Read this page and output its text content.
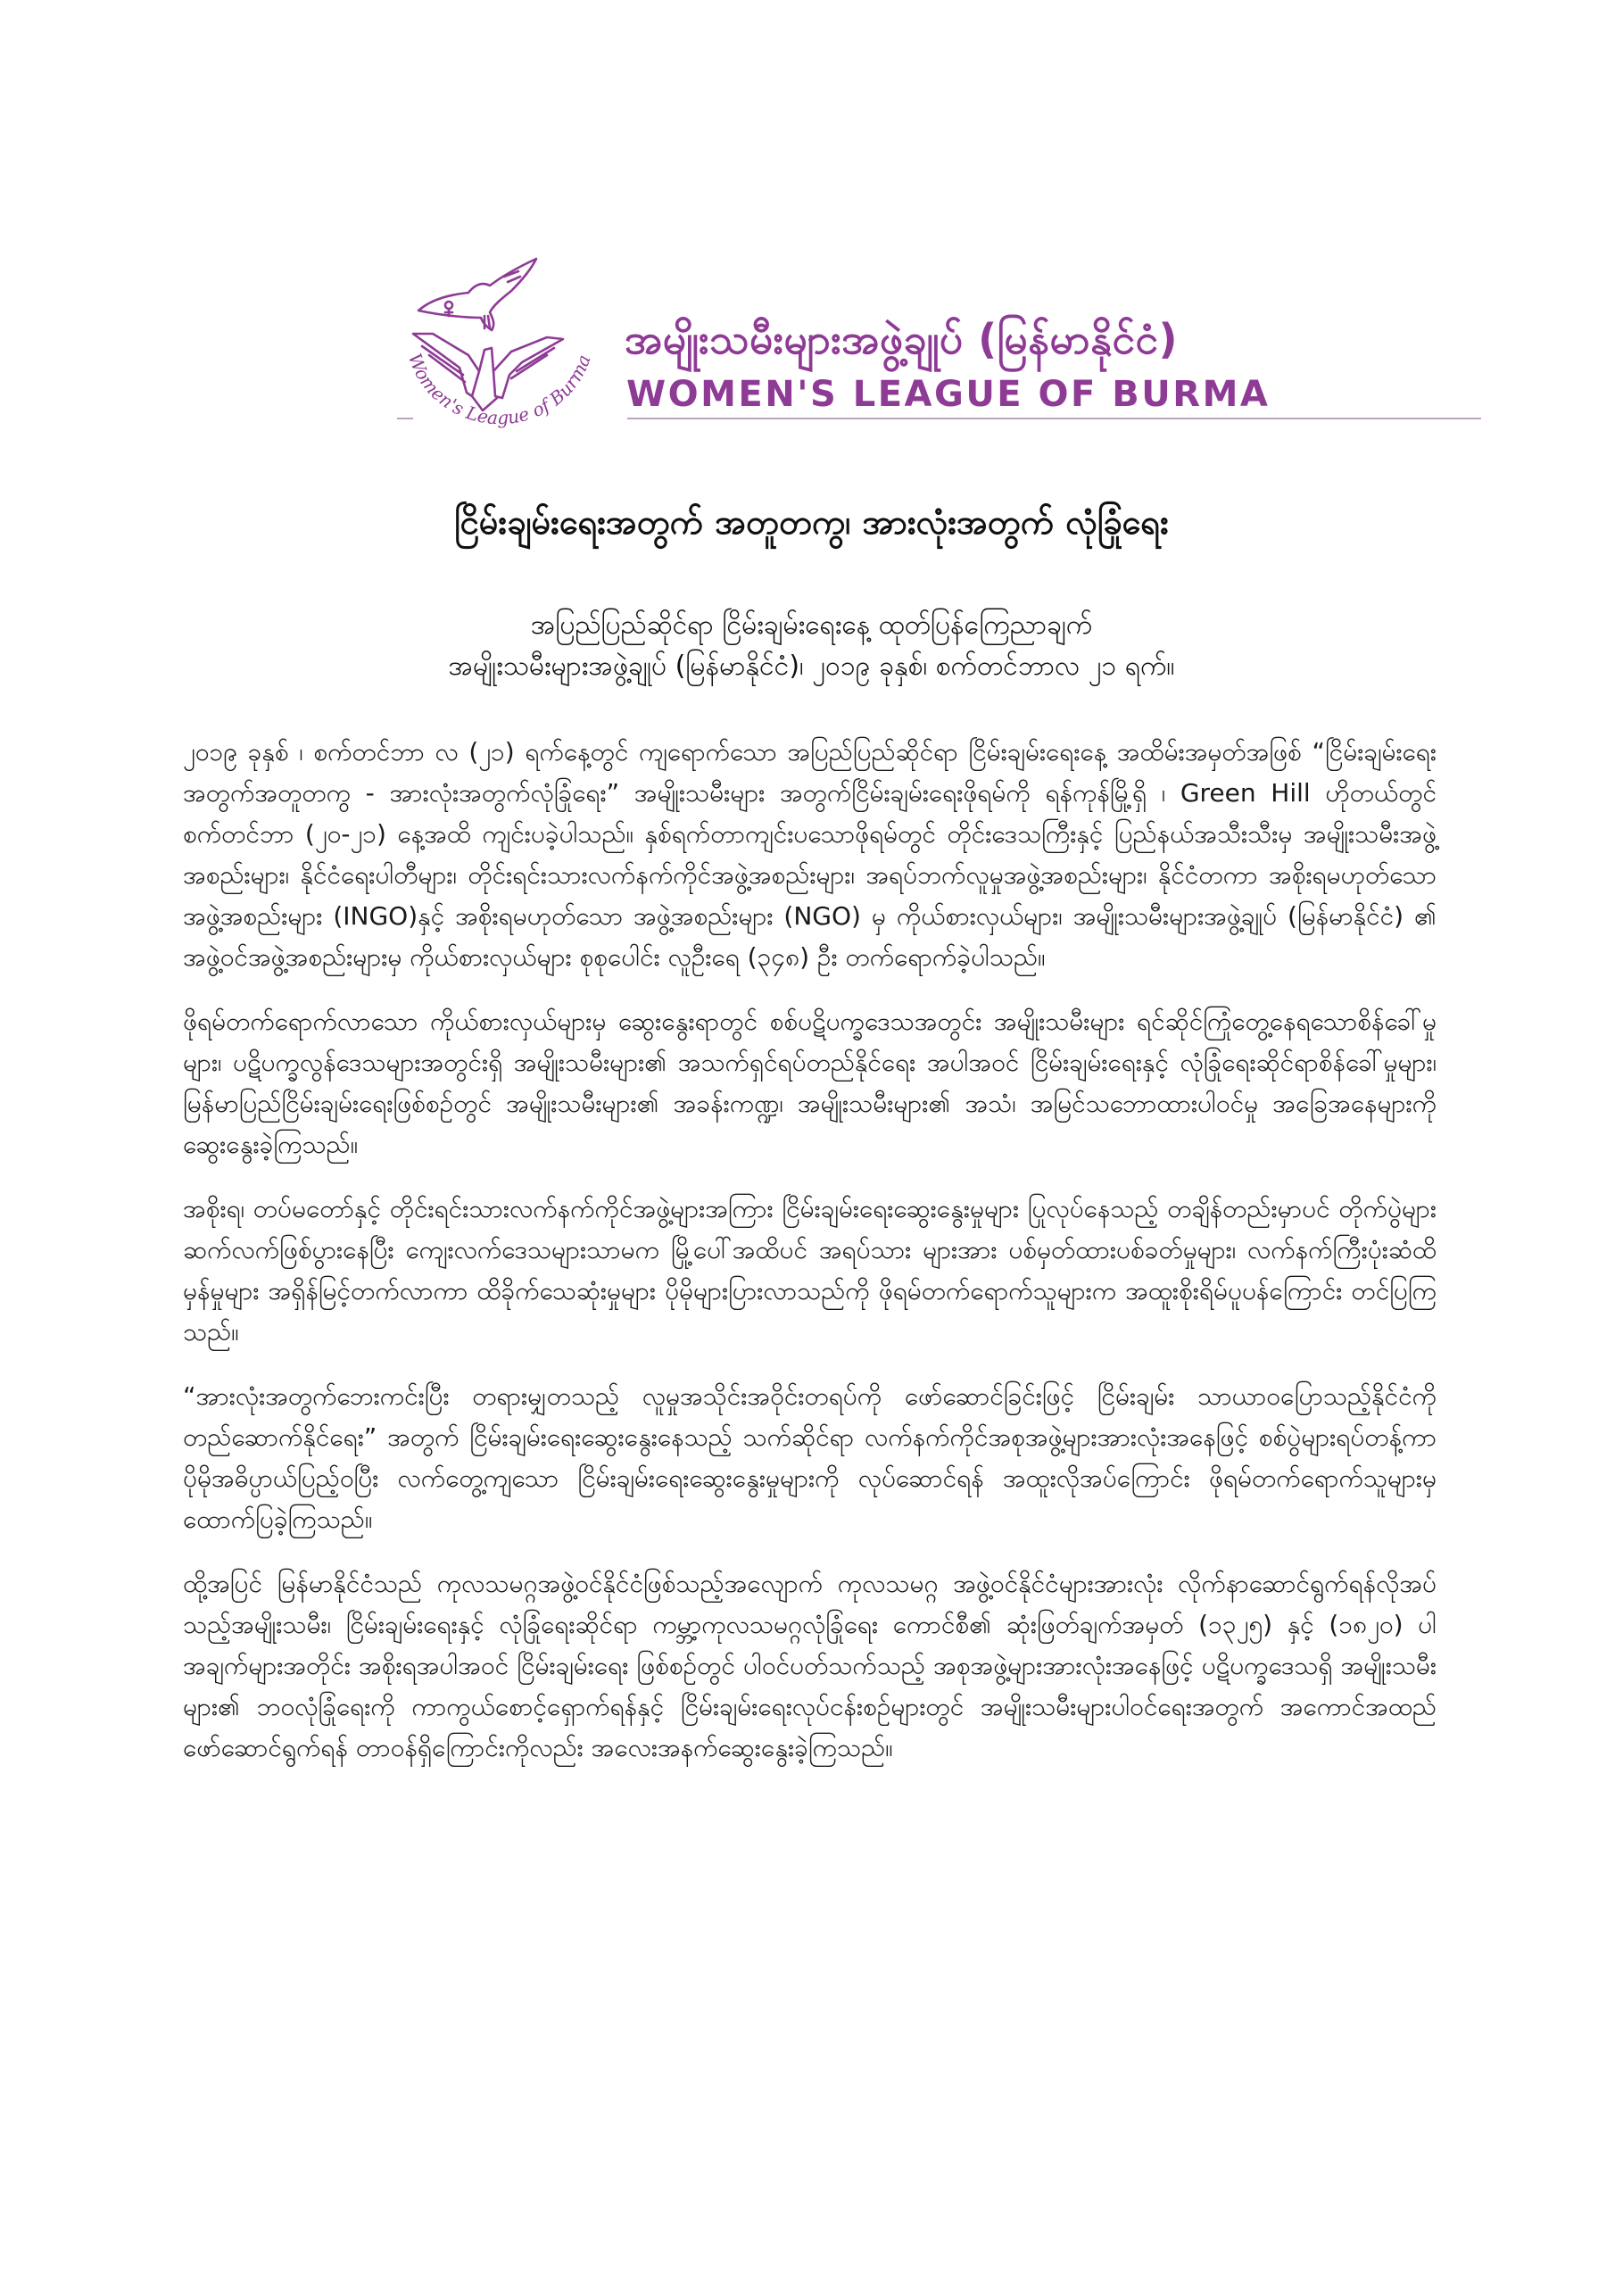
Women's League of Burma အမျိုးသမီးများအဖွဲ့ချုပ် (မြန်မာနိုင်ငံ)
WOMEN'S LEAGUE OF BURMA
ငြိမ်းချမ်းရေးအတွက် အတူတကွ၊ အားလုံးအတွက် လုံခြုံရေး
အပြည်ပြည်ဆိုင်ရာ ငြိမ်းချမ်းရေးနေ့ ထုတ်ပြန်ကြေညာချက်
အမျိုးသမီးများအဖွဲ့ချုပ် (မြန်မာနိုင်ငံ)၊ ၂၀၁၉ ခုနှစ်၊ စက်တင်ဘာလ ၂၁ ရက်။

၂၀၁၉ ခုနှစ် ၊ စက်တင်ဘာ လ (၂၁) ရက်နေ့တွင် ကျရောက်သော အပြည်ပြည်ဆိုင်ရာ ငြိမ်းချမ်းရေးနေ့ အထိမ်းအမှတ်အဖြစ် “ငြိမ်းချမ်းရေးအတွက်အတူတကွ - အားလုံးအတွက်လုံခြုံရေး” အမျိုးသမီးများ အတွက်ငြိမ်းချမ်းရေးဖိုရမ်ကို ရန်ကုန်မြို့ရှိ ၊ Green Hill ဟိုတယ်တွင် စက်တင်ဘာ (၂၀-၂၁) နေ့အထိ ကျင်းပခဲ့ပါသည်။ နှစ်ရက်တာကျင်းပသောဖိုရမ်တွင် တိုင်းဒေသကြီးနှင့် ပြည်နယ်အသီးသီးမှ အမျိုးသမီးအဖွဲ့အစည်းများ၊ နိုင်ငံရေးပါတီများ၊ တိုင်းရင်းသားလက်နက်ကိုင်အဖွဲ့အစည်းများ၊ အရပ်ဘက်လူမှုအဖွဲ့အစည်းများ၊ နိုင်ငံတကာ အစိုးရမဟုတ်သော အဖွဲ့အစည်းများ (INGO)နှင့် အစိုးရမဟုတ်သော အဖွဲ့အစည်းများ (NGO) မှ ကိုယ်စားလှယ်များ၊ အမျိုးသမီးများအဖွဲ့ချုပ် (မြန်မာနိုင်ငံ) ၏ အဖွဲ့ဝင်အဖွဲ့အစည်းများမှ ကိုယ်စားလှယ်များ စုစုပေါင်း လူဦးရေ (၃၄၈) ဦး တက်ရောက်ခဲ့ပါသည်။

ဖိုရမ်တက်ရောက်လာသော ကိုယ်စားလှယ်များမှ ဆွေးနွေးရာတွင် စစ်ပဋိပက္ခဒေသအတွင်း အမျိုးသမီးများ ရင်ဆိုင်ကြုံတွေ့နေရသောစိန်ခေါ်မှုများ၊ ပဋိပက္ခလွန်ဒေသများအတွင်းရှိ အမျိုးသမီးများ၏ အသက်ရှင်ရပ်တည်နိုင်ရေး အပါအဝင် ငြိမ်းချမ်းရေးနှင့် လုံခြုံရေးဆိုင်ရာစိန်ခေါ်မှုများ၊ မြန်မာပြည်ငြိမ်းချမ်းရေးဖြစ်စဉ်တွင် အမျိုးသမီးများ၏ အခန်းကဏ္ဍ၊ အမျိုးသမီးများ၏ အသံ၊ အမြင်သဘောထားပါဝင်မှု အခြေအနေများကို ဆွေးနွေးခဲ့ကြသည်။

အစိုးရ၊ တပ်မတော်နှင့် တိုင်းရင်းသားလက်နက်ကိုင်အဖွဲ့များအကြား ငြိမ်းချမ်းရေးဆွေးနွေးမှုများ ပြုလုပ်နေသည့် တချိန်တည်းမှာပင် တိုက်ပွဲများဆက်လက်ဖြစ်ပွားနေပြီး ကျေးလက်ဒေသများသာမက မြို့ပေါ်အထိပင် အရပ်သား များအား ပစ်မှတ်ထားပစ်ခတ်မှုများ၊ လက်နက်ကြီးပုံးဆံထိမှန်မှုများ အရှိန်မြင့်တက်လာကာ ထိခိုက်သေဆုံးမှုများ ပိုမိုများပြားလာသည်ကို ဖိုရမ်တက်ရောက်သူများက အထူးစိုးရိမ်ပူပန်ကြောင်း တင်ပြကြသည်။

“အားလုံးအတွက်ဘေးကင်းပြီး တရားမျှတသည့် လူမှုအသိုင်းအဝိုင်းတရပ်ကို ဖော်ဆောင်ခြင်းဖြင့် ငြိမ်းချမ်း သာယာဝပြောသည့်နိုင်ငံကို တည်ဆောက်နိုင်ရေး” အတွက် ငြိမ်းချမ်းရေးဆွေးနွေးနေသည့် သက်ဆိုင်ရာ လက်နက်ကိုင်အစုအဖွဲ့များအားလုံးအနေဖြင့် စစ်ပွဲများရပ်တန့်ကာ ပိုမိုအဓိပ္ပာယ်ပြည့်ဝပြီး လက်တွေ့ကျသော ငြိမ်းချမ်းရေးဆွေးနွေးမှုများကို လုပ်ဆောင်ရန် အထူးလိုအပ်ကြောင်း ဖိုရမ်တက်ရောက်သူများမှ ထောက်ပြခဲ့ကြသည်။

ထို့အပြင် မြန်မာနိုင်ငံသည် ကုလသမဂ္ဂအဖွဲ့ဝင်နိုင်ငံဖြစ်သည့်အလျောက် ကုလသမဂ္ဂ အဖွဲ့ဝင်နိုင်ငံများအားလုံး လိုက်နာဆောင်ရွက်ရန်လိုအပ်သည့်အမျိုးသမီး၊ ငြိမ်းချမ်းရေးနှင့် လုံခြုံရေးဆိုင်ရာ ကမ္ဘာ့ကုလသမဂ္ဂလုံခြုံရေး ကောင်စီ၏ ဆုံးဖြတ်ချက်အမှတ် (၁၃၂၅) နှင့် (၁၈၂၀) ပါ အချက်များအတိုင်း အစိုးရအပါအဝင် ငြိမ်းချမ်းရေး ဖြစ်စဉ်တွင် ပါဝင်ပတ်သက်သည့် အစုအဖွဲ့များအားလုံးအနေဖြင့် ပဋိပက္ခဒေသရှိ အမျိုးသမီးများ၏ ဘဝလုံခြုံရေးကို ကာကွယ်စောင့်ရှောက်ရန်နှင့် ငြိမ်းချမ်းရေးလုပ်ငန်းစဉ်များတွင် အမျိုးသမီးများပါဝင်ရေးအတွက် အကောင်အထည် ဖော်ဆောင်ရွက်ရန် တာဝန်ရှိကြောင်းကိုလည်း အလေးအနက်ဆွေးနွေးခဲ့ကြသည်။
